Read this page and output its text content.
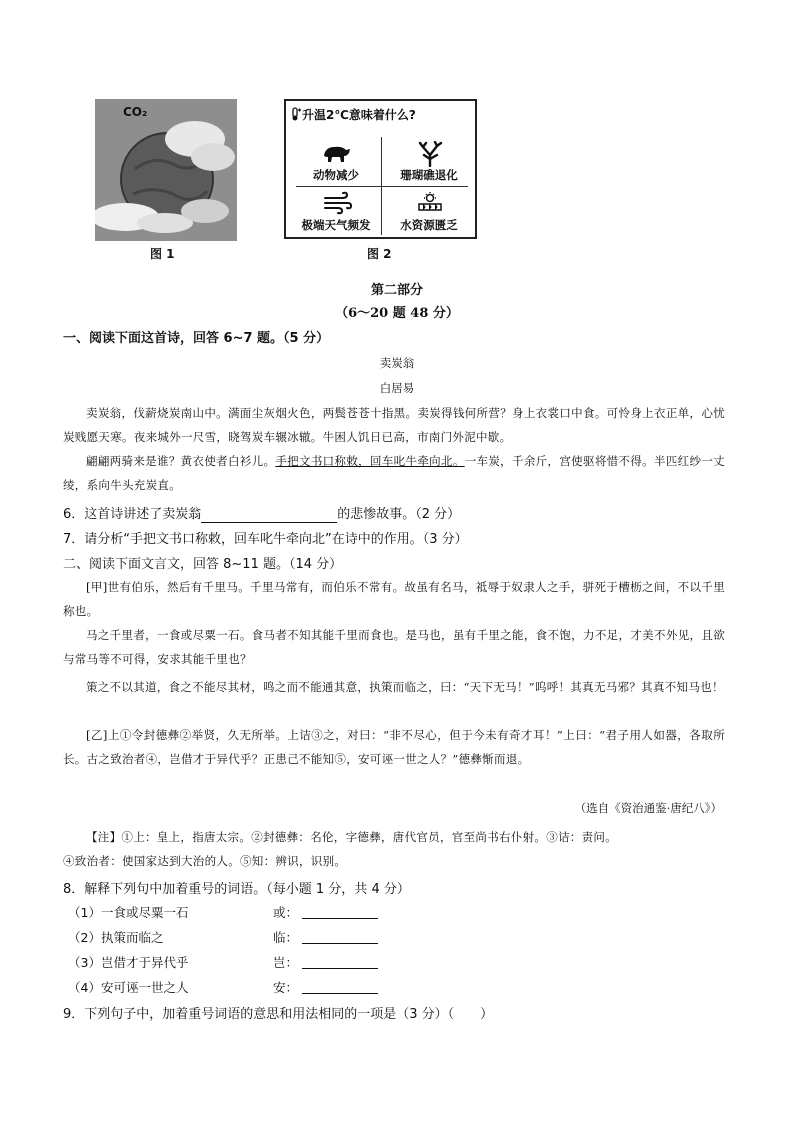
CO₂
图 1
升温2℃意味着什么?
动物减少	珊瑚礁退化
极端天气频发	水资源匮乏
图 2
第二部分
（6～20 题 48 分）
一、阅读下面这首诗，回答 6~7 题。（5 分）
卖炭翁
白居易
卖炭翁，伐薪烧炭南山中。满面尘灰烟火色，两鬓苍苍十指黑。卖炭得钱何所营？身上衣裳口中食。可怜身上衣正单，心忧炭贱愿天寒。夜来城外一尺雪，晓驾炭车辗冰辙。牛困人饥日已高，市南门外泥中歇。
翩翩两骑来是谁？黄衣使者白衫儿。手把文书口称敕，回车叱牛牵向北。一车炭，千余斤，宫使驱将惜不得。半匹红纱一丈绫，系向牛头充炭直。
6．这首诗讲述了卖炭翁	的悲惨故事。（2 分）
7．请分析“手把文书口称敕，回车叱牛牵向北”在诗中的作用。（3 分）
二、阅读下面文言文，回答 8~11 题。（14 分）
[甲]世有伯乐，然后有千里马。千里马常有，而伯乐不常有。故虽有名马，祗辱于奴隶人之手，骈死于槽枥之间，不以千里称也。
马之千里者，一食或尽粟一石。食马者不知其能千里而食也。是马也，虽有千里之能，食不饱，力不足，才美不外见，且欲与常马等不可得，安求其能千里也？
策之不以其道，食之不能尽其材，鸣之而不能通其意，执策而临之，曰：“天下无马！”呜呼！其真无马邪？其真不知马也！
[乙]上①令封德彝②举贤，久无所举。上诘③之，对曰：“非不尽心，但于今未有奇才耳！”上曰：“君子用人如器，各取所长。古之致治者④，岂借才于异代乎？正患己不能知⑤，安可诬一世之人？”德彝惭而退。
（选自《资治通鉴·唐纪八》）
【注】①上：皇上，指唐太宗。②封德彝：名伦，字德彝，唐代官员，官至尚书右仆射。③诘：责问。
④致治者：使国家达到大治的人。⑤知：辨识，识别。
8．解释下列句中加着重号的词语。（每小题 1 分，共 4 分）
（1）一食或尽粟一石	或：
（2）执策而临之	临：
（3）岂借才于异代乎	岂：
（4）安可诬一世之人	安：
9．下列句子中，加着重号词语的意思和用法相同的一项是（3 分）（　　）
